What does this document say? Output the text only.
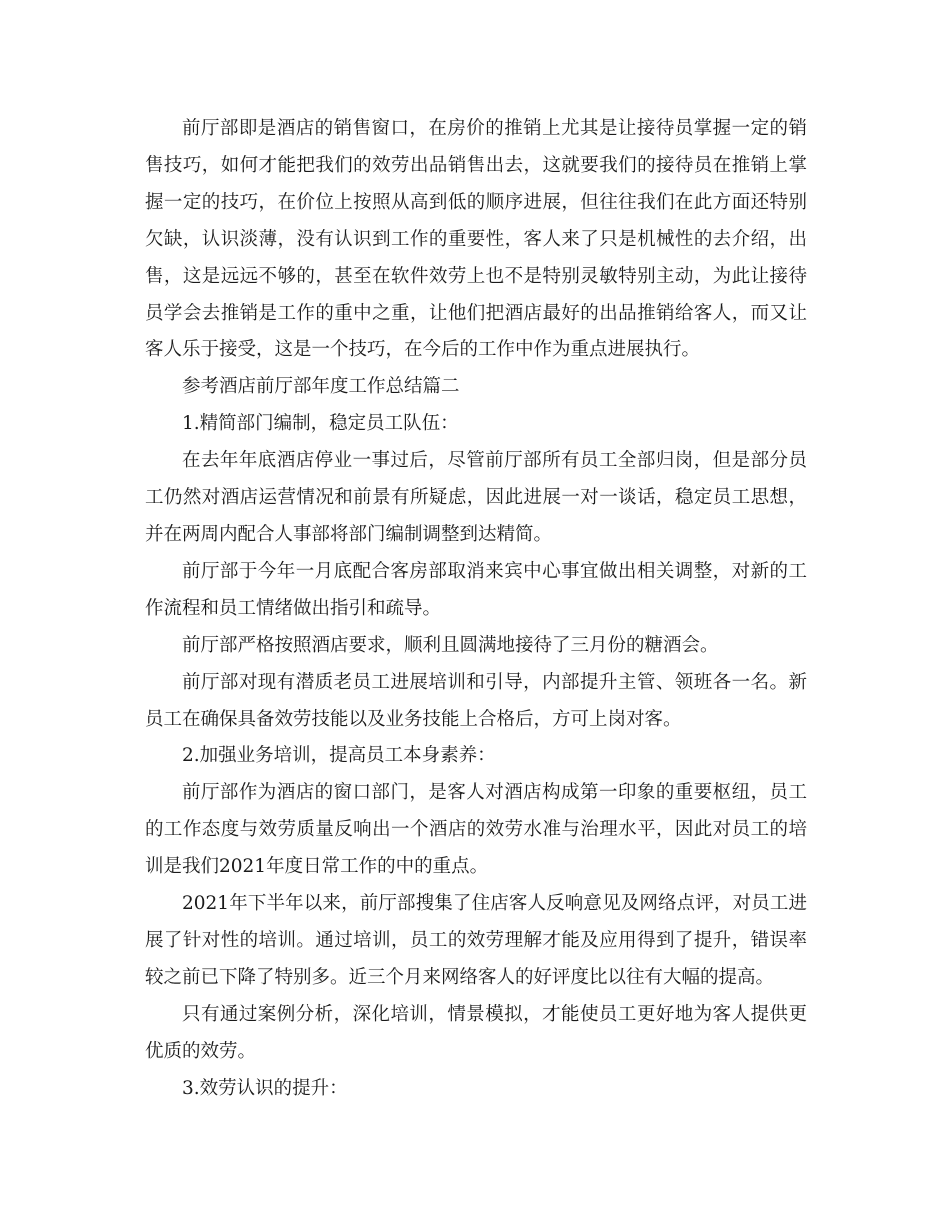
前厅部即是酒店的销售窗口，在房价的推销上尤其是让接待员掌握一定的销售技巧，如何才能把我们的效劳出品销售出去，这就要我们的接待员在推销上掌握一定的技巧，在价位上按照从高到低的顺序进展，但往往我们在此方面还特别欠缺，认识淡薄，没有认识到工作的重要性，客人来了只是机械性的去介绍，出售，这是远远不够的，甚至在软件效劳上也不是特别灵敏特别主动，为此让接待员学会去推销是工作的重中之重，让他们把酒店最好的出品推销给客人，而又让客人乐于接受，这是一个技巧，在今后的工作中作为重点进展执行。

参考酒店前厅部年度工作总结篇二

1.精简部门编制，稳定员工队伍：

在去年年底酒店停业一事过后，尽管前厅部所有员工全部归岗，但是部分员工仍然对酒店运营情况和前景有所疑虑，因此进展一对一谈话，稳定员工思想，并在两周内配合人事部将部门编制调整到达精简。

前厅部于今年一月底配合客房部取消来宾中心事宜做出相关调整，对新的工作流程和员工情绪做出指引和疏导。

前厅部严格按照酒店要求，顺利且圆满地接待了三月份的糖酒会。

前厅部对现有潜质老员工进展培训和引导，内部提升主管、领班各一名。新员工在确保具备效劳技能以及业务技能上合格后，方可上岗对客。

2.加强业务培训，提高员工本身素养：

前厅部作为酒店的窗口部门，是客人对酒店构成第一印象的重要枢纽，员工的工作态度与效劳质量反响出一个酒店的效劳水准与治理水平，因此对员工的培训是我们2021年度日常工作的中的重点。

2021年下半年以来，前厅部搜集了住店客人反响意见及网络点评，对员工进展了针对性的培训。通过培训，员工的效劳理解才能及应用得到了提升，错误率较之前已下降了特别多。近三个月来网络客人的好评度比以往有大幅的提高。

只有通过案例分析，深化培训，情景模拟，才能使员工更好地为客人提供更优质的效劳。

3.效劳认识的提升：
